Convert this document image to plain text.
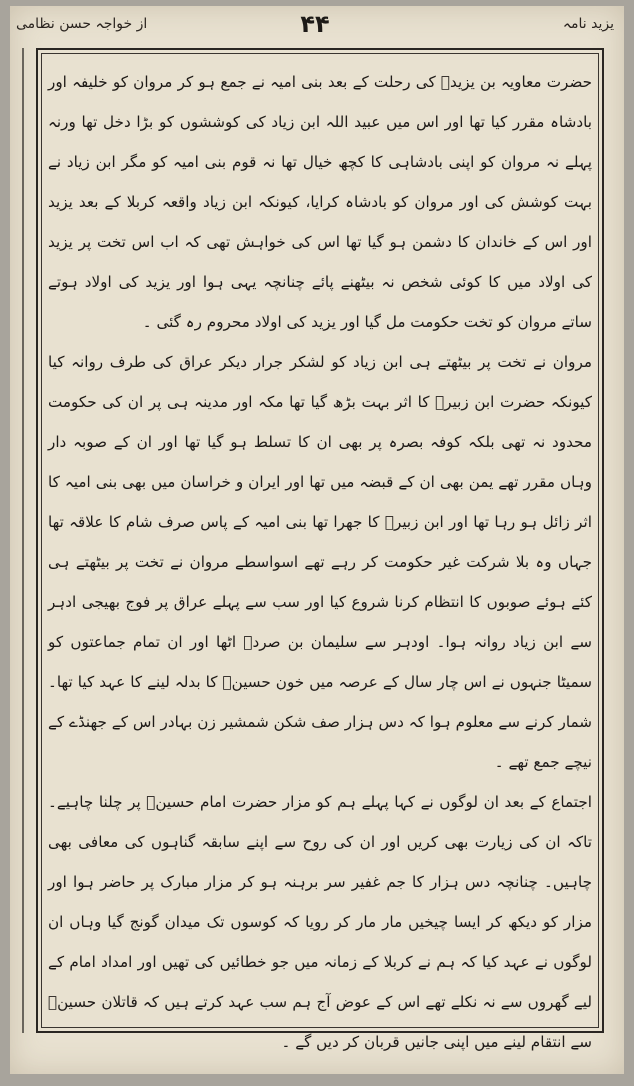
یزید نامہ
۴۴
از خواجہ حسن نظامی

حضرت معاویہ بن یزیدؓ کی رحلت کے بعد بنی امیہ نے جمع ہو کر مروان کو خلیفہ اور بادشاہ مقرر کیا تھا اور اس میں عبید اللہ ابن زیاد کی کوششوں کو بڑا دخل تھا ورنہ پہلے نہ مروان کو اپنی بادشاہی کا کچھ خیال تھا نہ قوم بنی امیہ کو مگر ابن زیاد نے بہت کوشش کی اور مروان کو بادشاہ کرایا، کیونکہ ابن زیاد واقعہ کربلا کے بعد یزید اور اس کے خاندان کا دشمن ہو گیا تھا اس کی خواہش تھی کہ اب اس تخت پر یزید کی اولاد میں کا کوئی شخص نہ بیٹھنے پائے چنانچہ یہی ہوا اور یزید کی اولاد ہوتے ساتے مروان کو تخت حکومت مل گیا اور یزید کی اولاد محروم رہ گئی ۔

مروان نے تخت پر بیٹھتے ہی ابن زیاد کو لشکر جرار دیکر عراق کی طرف روانہ کیا کیونکہ حضرت ابن زبیرؓ کا اثر بہت بڑھ گیا تھا مکہ اور مدینہ ہی پر ان کی حکومت محدود نہ تھی بلکہ کوفہ بصرہ پر بھی ان کا تسلط ہو گیا تھا اور ان کے صوبہ دار وہاں مقرر تھے یمن بھی ان کے قبضہ میں تھا اور ایران و خراسان میں بھی بنی امیہ کا اثر زائل ہو رہا تھا اور ابن زبیرؓ کا جھرا تھا بنی امیہ کے پاس صرف شام کا علاقہ تھا جہاں وہ بلا شرکت غیر حکومت کر رہے تھے اسواسطے مروان نے تخت پر بیٹھتے ہی کئے ہوئے صوبوں کا انتظام کرنا شروع کیا اور سب سے پہلے عراق پر فوج بھیجی ادہر سے ابن زیاد روانہ ہوا۔ اودہر سے سلیمان بن صردؓ اٹھا اور ان تمام جماعتوں کو سمیٹا جنہوں نے اس چار سال کے عرصہ میں خون حسینؓ کا بدلہ لینے کا عہد کیا تھا۔ شمار کرنے سے معلوم ہوا کہ دس ہزار صف شکن شمشیر زن بہادر اس کے جھنڈے کے نیچے جمع تھے ۔

اجتماع کے بعد ان لوگوں نے کہا پہلے ہم کو مزار حضرت امام حسینؓ پر چلنا چاہیے۔ تاکہ ان کی زیارت بھی کریں اور ان کی روح سے اپنے سابقہ گناہوں کی معافی بھی چاہیں۔ چنانچہ دس ہزار کا جم غفیر سر برہنہ ہو کر مزار مبارک پر حاضر ہوا اور مزار کو دیکھ کر ایسا چیخیں مار مار کر رویا کہ کوسوں تک میدان گونج گیا وہاں ان لوگوں نے عہد کیا کہ ہم نے کربلا کے زمانہ میں جو خطائیں کی تھیں اور امداد امام کے لیے گھروں سے نہ نکلے تھے اس کے عوض آج ہم سب عہد کرتے ہیں کہ قاتلان حسینؓ سے انتقام لینے میں اپنی جانیں قربان کر دیں گے ۔
